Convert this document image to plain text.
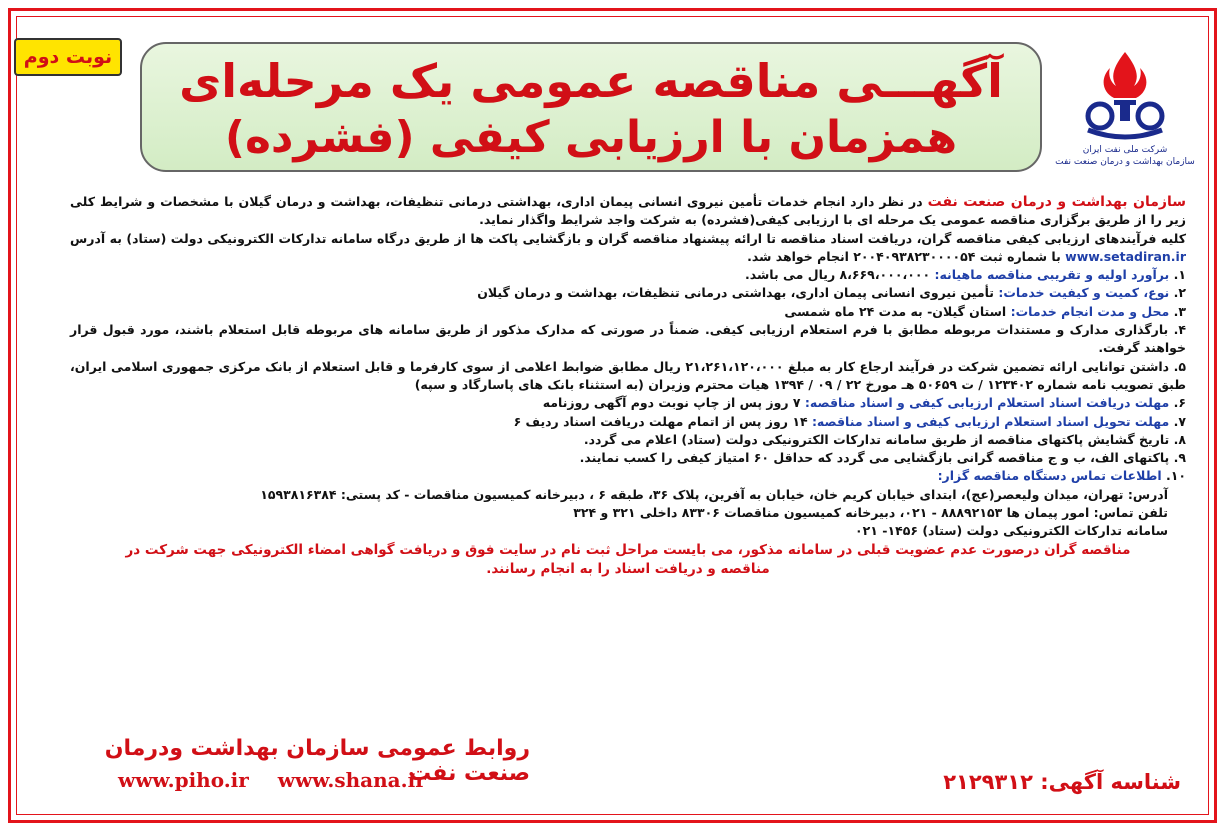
نوبت دوم	آگهـــی مناقصه عمومی یک مرحله‌ای
همزمان با ارزیابی کیفی (فشرده)	شرکت ملی نفت ایران
سازمان بهداشت و درمان صنعت نفت

سازمان بهداشت و درمان صنعت نفت در نظر دارد انجام خدمات تأمین نیروی انسانی پیمان اداری، بهداشتی درمانی تنظیفات، بهداشت و درمان گیلان با مشخصات و شرایط کلی زیر را از طریق برگزاری مناقصه عمومی یک مرحله ای با ارزیابی کیفی(فشرده) به شرکت واجد شرایط واگذار نماید.

کلیه فرآیندهای ارزیابی کیفی مناقصه گران، دریافت اسناد مناقصه تا ارائه پیشنهاد مناقصه گران و بازگشایی پاکت ها از طریق درگاه سامانه تدارکات الکترونیکی دولت (ستاد) به آدرس www.setadiran.ir با شماره ثبت ۲۰۰۴۰۹۳۸۲۳۰۰۰۰۵۴ انجام خواهد شد.

۱. برآورد اولیه و تقریبی مناقصه ماهیانه: ۸،۶۶۹،۰۰۰،۰۰۰ ریال می باشد.

۲. نوع، کمیت و کیفیت خدمات: تأمین نیروی انسانی پیمان اداری، بهداشتی درمانی تنظیفات، بهداشت و درمان گیلان

۳. محل و مدت انجام خدمات: استان گیلان- به مدت ۲۴ ماه شمسی

۴. بارگذاری مدارک و مستندات مربوطه مطابق با فرم استعلام ارزیابی کیفی. ضمناً در صورتی که مدارک مذکور از طریق سامانه های مربوطه قابل استعلام باشند، مورد قبول قرار خواهند گرفت.

۵. داشتن توانایی ارائه تضمین شرکت در فرآیند ارجاع کار به مبلغ ۲۱،۲۶۱،۱۲۰،۰۰۰ ریال مطابق ضوابط اعلامی از سوی کارفرما و قابل استعلام از بانک مرکزی جمهوری اسلامی ایران، طبق تصویب نامه شماره ۱۲۳۴۰۲ / ت ۵۰۶۵۹ هـ مورخ ۲۲ / ۰۹ / ۱۳۹۴ هیات محترم وزیران (به استثناء بانک های پاسارگاد و سپه)

۶. مهلت دریافت اسناد استعلام ارزیابی کیفی و اسناد مناقصه: ۷ روز پس از چاپ نوبت دوم آگهی روزنامه

۷. مهلت تحویل اسناد استعلام ارزیابی کیفی و اسناد مناقصه: ۱۴ روز پس از اتمام مهلت دریافت اسناد ردیف ۶

۸. تاریخ گشایش پاکتهای مناقصه از طریق سامانه تدارکات الکترونیکی دولت (ستاد) اعلام می گردد.

۹. پاکتهای الف، ب و ج مناقصه گرانی بازگشایی می گردد که حداقل ۶۰ امتیاز کیفی را کسب نمایند.

۱۰. اطلاعات تماس دستگاه مناقصه گزار:

آدرس: تهران، میدان ولیعصر(عج)، ابتدای خیابان کریم خان، خیابان به آفرین، پلاک ۳۶، طبقه ۶ ، دبیرخانه کمیسیون مناقصات - کد پستی: ۱۵۹۳۸۱۶۳۸۴

تلفن تماس: امور پیمان ها ۸۸۸۹۲۱۵۳ - ۰۲۱، دبیرخانه کمیسیون مناقصات ۸۳۳۰۶ داخلی ۳۲۱ و ۳۲۴

سامانه تدارکات الکترونیکی دولت (ستاد) ۱۴۵۶- ۰۲۱

مناقصه گران درصورت عدم عضویت قبلی در سامانه مذکور، می بایست مراحل ثبت نام در سایت فوق و دریافت گواهی امضاء الکترونیکی جهت شرکت در مناقصه و دریافت اسناد را به انجام رسانند.

روابط عمومی سازمان بهداشت ودرمان صنعت نفت
www.piho.ir www.shana.ir	شناسه آگهی: ۲۱۲۹۳۱۲
